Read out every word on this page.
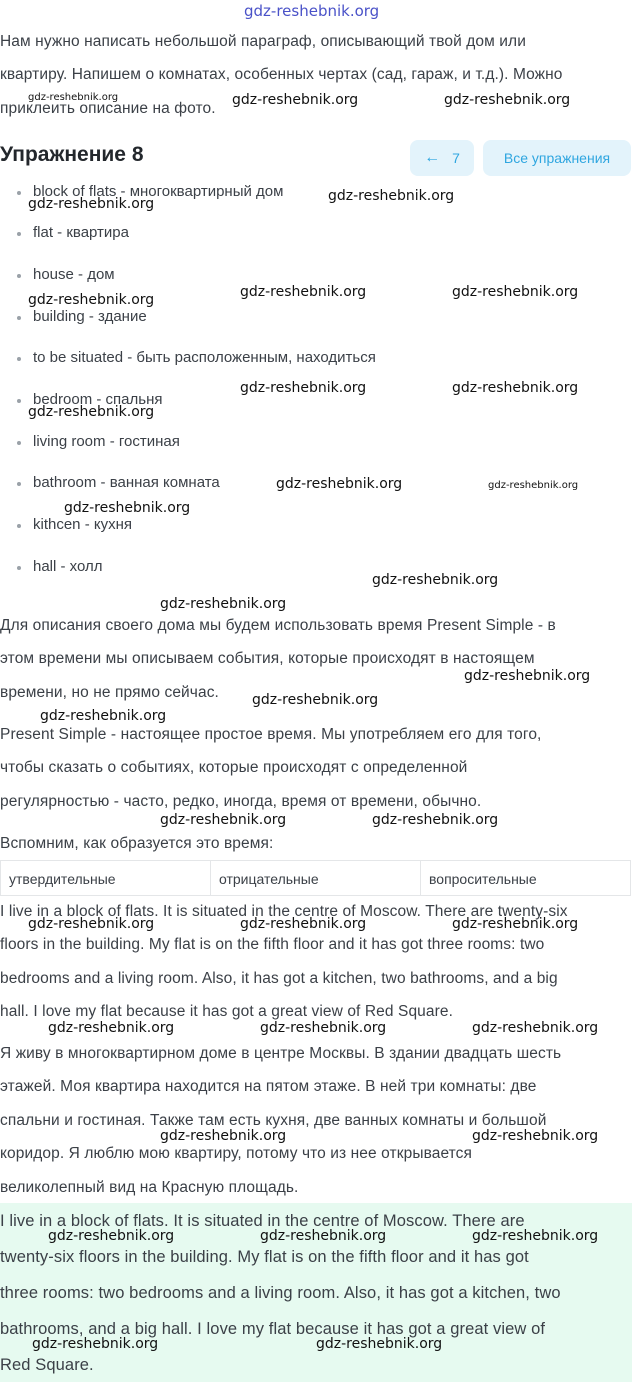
gdz-reshebnik.org
Нам нужно написать небольшой параграф, описывающий твой дом или
квартиру. Напишем о комнатах, особенных чертах (сад, гараж, и т.д.). Можно
приклеить описание на фото.
Упражнение 8	← 7	Все упражнения
block of flats - многоквартирный дом
flat - квартира
house - дом
building - здание
to be situated - быть расположенным, находиться
bedroom - спальня
living room - гостиная
bathroom - ванная комната
kithcen - кухня
hall - холл
Для описания своего дома мы будем использовать время Present Simple - в
этом времени мы описываем события, которые происходят в настоящем
времени, но не прямо сейчас.
Present Simple - настоящее простое время. Мы употребляем его для того,
чтобы сказать о событиях, которые происходят с определенной
регулярностью - часто, редко, иногда, время от времени, обычно.
Вспомним, как образуется это время:
утвердительные	отрицательные	вопросительные
I live in a block of flats. It is situated in the centre of Moscow. There are twenty-six
floors in the building. My flat is on the fifth floor and it has got three rooms: two
bedrooms and a living room. Also, it has got a kitchen, two bathrooms, and a big
hall. I love my flat because it has got a great view of Red Square.
Я живу в многоквартирном доме в центре Москвы. В здании двадцать шесть
этажей. Моя квартира находится на пятом этаже. В ней три комнаты: две
спальни и гостиная. Также там есть кухня, две ванных комнаты и большой
коридор. Я люблю мою квартиру, потому что из нее открывается
великолепный вид на Красную площадь.
I live in a block of flats. It is situated in the centre of Moscow. There are
twenty-six floors in the building. My flat is on the fifth floor and it has got
three rooms: two bedrooms and a living room. Also, it has got a kitchen, two
bathrooms, and a big hall. I love my flat because it has got a great view of
Red Square.
gdz-reshebnik.org	gdz-reshebnik.org	gdz-reshebnik.org
gdz-reshebnik.org
gdz-reshebnik.org
gdz-reshebnik.org	gdz-reshebnik.org
gdz-reshebnik.org
gdz-reshebnik.org	gdz-reshebnik.org
gdz-reshebnik.org
gdz-reshebnik.org	gdz-reshebnik.org
gdz-reshebnik.org
gdz-reshebnik.org
gdz-reshebnik.org
gdz-reshebnik.org
gdz-reshebnik.org
gdz-reshebnik.org
gdz-reshebnik.org	gdz-reshebnik.org
gdz-reshebnik.org	gdz-reshebnik.org	gdz-reshebnik.org
gdz-reshebnik.org	gdz-reshebnik.org	gdz-reshebnik.org
gdz-reshebnik.org	gdz-reshebnik.org
gdz-reshebnik.org	gdz-reshebnik.org	gdz-reshebnik.org
gdz-reshebnik.org	gdz-reshebnik.org
